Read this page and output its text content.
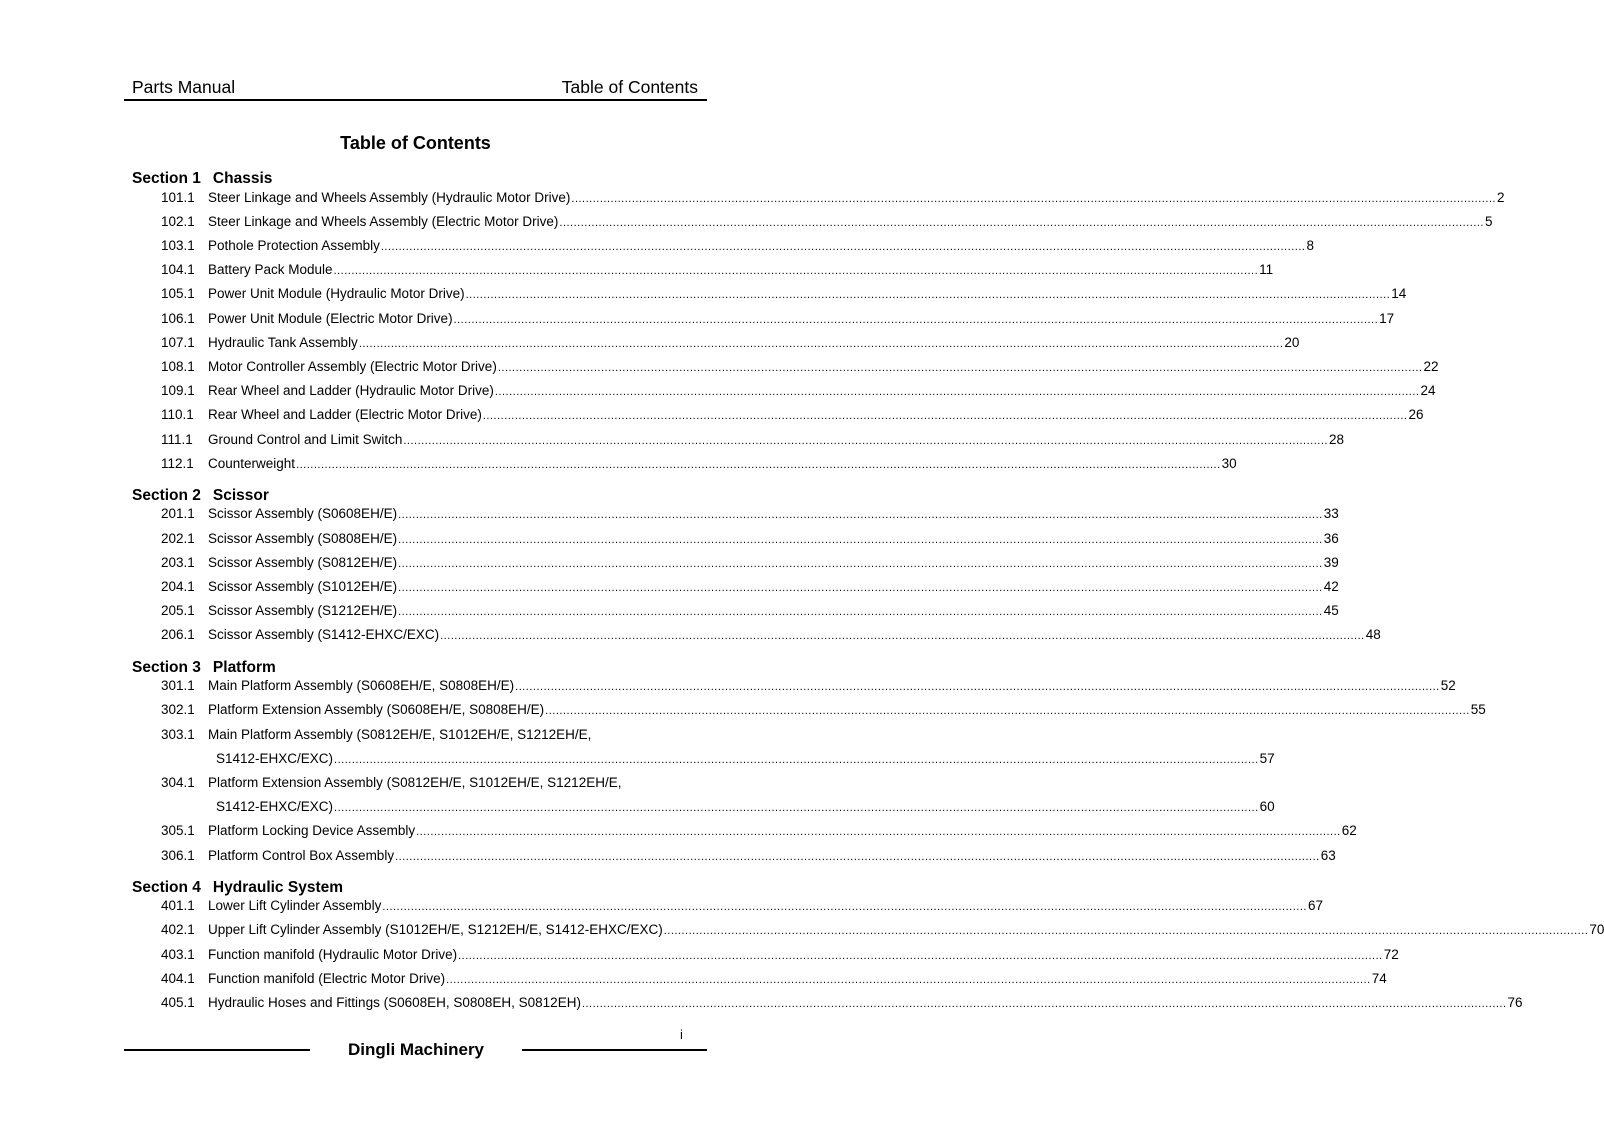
Parts Manual	Table of Contents
Table of Contents
Section 1 Chassis
101.1 Steer Linkage and Wheels Assembly (Hydraulic Motor Drive) .................................................................................................................................................................................................................................................................... 2
102.1 Steer Linkage and Wheels Assembly (Electric Motor Drive) .................................................................................................................................................................................................................................................................... 5
103.1 Pothole Protection Assembly .................................................................................................................................................................................................................................................................... 8
104.1 Battery Pack Module .................................................................................................................................................................................................................................................................... 11
105.1 Power Unit Module (Hydraulic Motor Drive) .................................................................................................................................................................................................................................................................... 14
106.1 Power Unit Module (Electric Motor Drive) .................................................................................................................................................................................................................................................................... 17
107.1 Hydraulic Tank Assembly .................................................................................................................................................................................................................................................................... 20
108.1 Motor Controller Assembly (Electric Motor Drive) .................................................................................................................................................................................................................................................................... 22
109.1 Rear Wheel and Ladder (Hydraulic Motor Drive) .................................................................................................................................................................................................................................................................... 24
110.1	Rear Wheel and Ladder (Electric Motor Drive) .................................................................................................................................................................................................................................................................... 26
111.1	Ground Control and Limit Switch .................................................................................................................................................................................................................................................................... 28
112.1	Counterweight .................................................................................................................................................................................................................................................................... 30
Section 2 Scissor
201.1 Scissor Assembly (S0608EH/E) .................................................................................................................................................................................................................................................................... 33
202.1 Scissor Assembly (S0808EH/E) .................................................................................................................................................................................................................................................................... 36
203.1 Scissor Assembly (S0812EH/E) .................................................................................................................................................................................................................................................................... 39
204.1 Scissor Assembly (S1012EH/E) .................................................................................................................................................................................................................................................................... 42
205.1 Scissor Assembly (S1212EH/E) .................................................................................................................................................................................................................................................................... 45
206.1 Scissor Assembly (S1412-EHXC/EXC) .................................................................................................................................................................................................................................................................... 48
Section 3 Platform
301.1 Main Platform Assembly (S0608EH/E, S0808EH/E) .................................................................................................................................................................................................................................................................... 52
302.1 Platform Extension Assembly (S0608EH/E, S0808EH/E) .................................................................................................................................................................................................................................................................... 55
303.1 Main Platform Assembly (S0812EH/E, S1012EH/E, S1212EH/E,
S1412-EHXC/EXC) .................................................................................................................................................................................................................................................................... 57
304.1 Platform Extension Assembly (S0812EH/E, S1012EH/E, S1212EH/E,
S1412-EHXC/EXC) .................................................................................................................................................................................................................................................................... 60
305.1 Platform Locking Device Assembly .................................................................................................................................................................................................................................................................... 62
306.1 Platform Control Box Assembly .................................................................................................................................................................................................................................................................... 63
Section 4 Hydraulic System
401.1 Lower Lift Cylinder Assembly .................................................................................................................................................................................................................................................................... 67
402.1 Upper Lift Cylinder Assembly (S1012EH/E, S1212EH/E, S1412-EHXC/EXC) .................................................................................................................................................................................................................................................................... 70
403.1 Function manifold (Hydraulic Motor Drive) .................................................................................................................................................................................................................................................................... 72
404.1 Function manifold (Electric Motor Drive) .................................................................................................................................................................................................................................................................... 74
405.1 Hydraulic Hoses and Fittings (S0608EH, S0808EH, S0812EH) .................................................................................................................................................................................................................................................................... 76
i
Dingli Machinery
